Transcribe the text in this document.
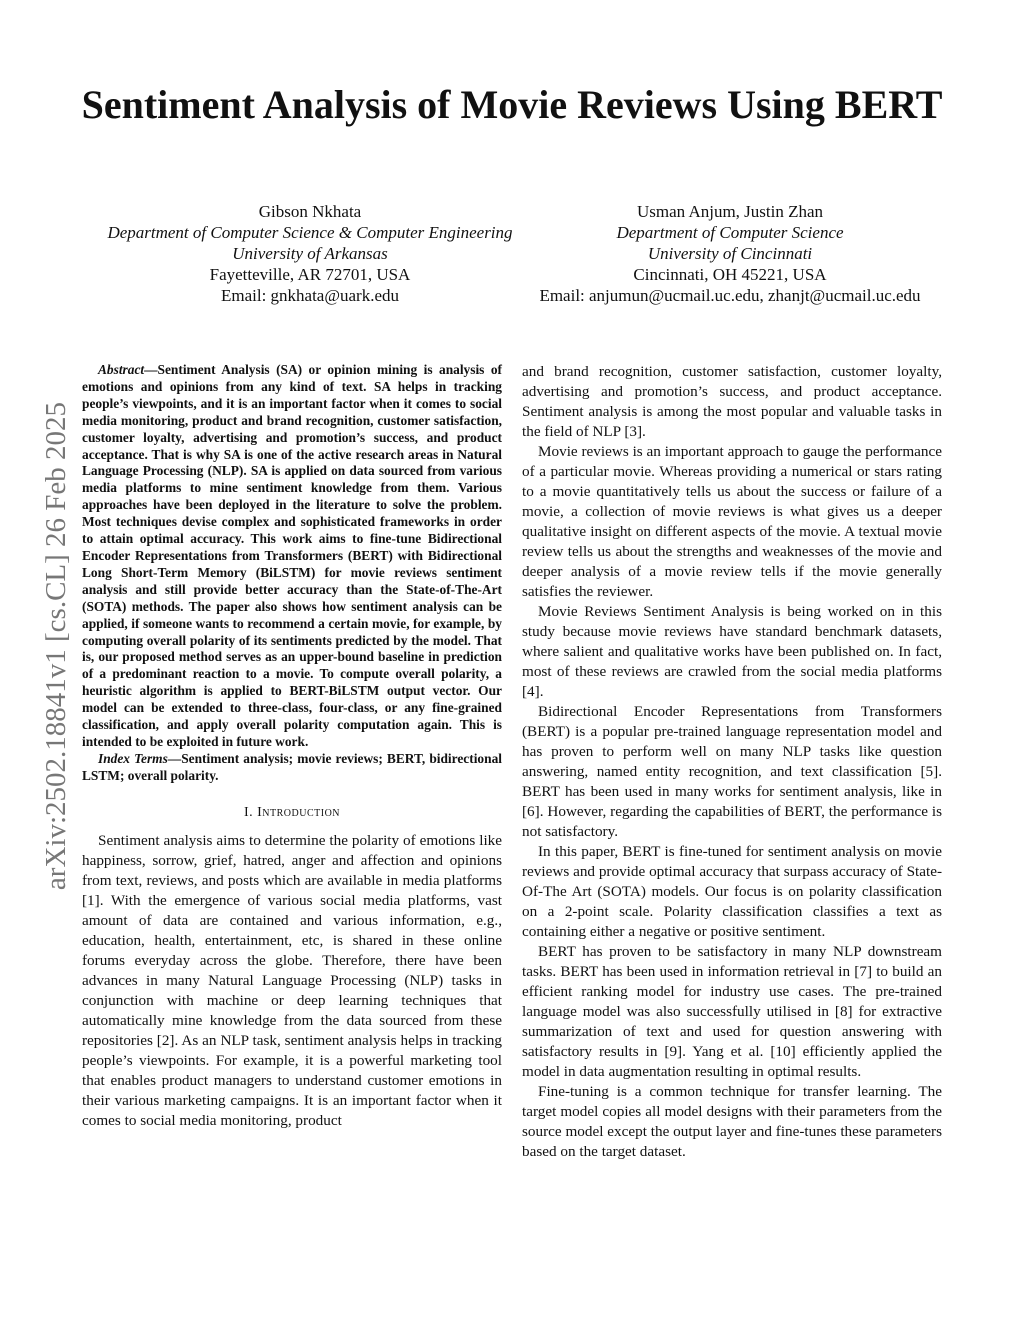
Sentiment Analysis of Movie Reviews Using BERT
Gibson Nkhata
Department of Computer Science & Computer Engineering
University of Arkansas
Fayetteville, AR 72701, USA
Email: gnkhata@uark.edu
Usman Anjum, Justin Zhan
Department of Computer Science
University of Cincinnati
Cincinnati, OH 45221, USA
Email: anjumun@ucmail.uc.edu, zhanjt@ucmail.uc.edu
arXiv:2502.18841v1 [cs.CL] 26 Feb 2025

Abstract—Sentiment Analysis (SA) or opinion mining is analysis of emotions and opinions from any kind of text. SA helps in tracking people’s viewpoints, and it is an important factor when it comes to social media monitoring, product and brand recognition, customer satisfaction, customer loyalty, advertising and promotion’s success, and product acceptance. That is why SA is one of the active research areas in Natural Language Processing (NLP). SA is applied on data sourced from various media platforms to mine sentiment knowledge from them. Various approaches have been deployed in the literature to solve the problem. Most techniques devise complex and sophisticated frameworks in order to attain optimal accuracy. This work aims to fine-tune Bidirectional Encoder Representations from Transformers (BERT) with Bidirectional Long Short-Term Memory (BiLSTM) for movie reviews sentiment analysis and still provide better accuracy than the State-of-The-Art (SOTA) methods. The paper also shows how sentiment analysis can be applied, if someone wants to recommend a certain movie, for example, by computing overall polarity of its sentiments predicted by the model. That is, our proposed method serves as an upper-bound baseline in prediction of a predominant reaction to a movie. To compute overall polarity, a heuristic algorithm is applied to BERT-BiLSTM output vector. Our model can be extended to three-class, four-class, or any fine-grained classification, and apply overall polarity computation again. This is intended to be exploited in future work.

Index Terms—Sentiment analysis; movie reviews; BERT, bidirectional LSTM; overall polarity.

I. Introduction

Sentiment analysis aims to determine the polarity of emotions like happiness, sorrow, grief, hatred, anger and affection and opinions from text, reviews, and posts which are available in media platforms [1]. With the emergence of various social media platforms, vast amount of data are contained and various information, e.g., education, health, entertainment, etc, is shared in these online forums everyday across the globe. Therefore, there have been advances in many Natural Language Processing (NLP) tasks in conjunction with machine or deep learning techniques that automatically mine knowledge from the data sourced from these repositories [2]. As an NLP task, sentiment analysis helps in tracking people’s viewpoints. For example, it is a powerful marketing tool that enables product managers to understand customer emotions in their various marketing campaigns. It is an important factor when it comes to social media monitoring, product

and brand recognition, customer satisfaction, customer loyalty, advertising and promotion’s success, and product acceptance. Sentiment analysis is among the most popular and valuable tasks in the field of NLP [3].

Movie reviews is an important approach to gauge the performance of a particular movie. Whereas providing a numerical or stars rating to a movie quantitatively tells us about the success or failure of a movie, a collection of movie reviews is what gives us a deeper qualitative insight on different aspects of the movie. A textual movie review tells us about the strengths and weaknesses of the movie and deeper analysis of a movie review tells if the movie generally satisfies the reviewer.

Movie Reviews Sentiment Analysis is being worked on in this study because movie reviews have standard benchmark datasets, where salient and qualitative works have been published on. In fact, most of these reviews are crawled from the social media platforms [4].

Bidirectional Encoder Representations from Transformers (BERT) is a popular pre-trained language representation model and has proven to perform well on many NLP tasks like question answering, named entity recognition, and text classification [5]. BERT has been used in many works for sentiment analysis, like in [6]. However, regarding the capabilities of BERT, the performance is not satisfactory.

In this paper, BERT is fine-tuned for sentiment analysis on movie reviews and provide optimal accuracy that surpass accuracy of State-Of-The Art (SOTA) models. Our focus is on polarity classification on a 2-point scale. Polarity classification classifies a text as containing either a negative or positive sentiment.

BERT has proven to be satisfactory in many NLP downstream tasks. BERT has been used in information retrieval in [7] to build an efficient ranking model for industry use cases. The pre-trained language model was also successfully utilised in [8] for extractive summarization of text and used for question answering with satisfactory results in [9]. Yang et al. [10] efficiently applied the model in data augmentation resulting in optimal results.

Fine-tuning is a common technique for transfer learning. The target model copies all model designs with their parameters from the source model except the output layer and fine-tunes these parameters based on the target dataset.
